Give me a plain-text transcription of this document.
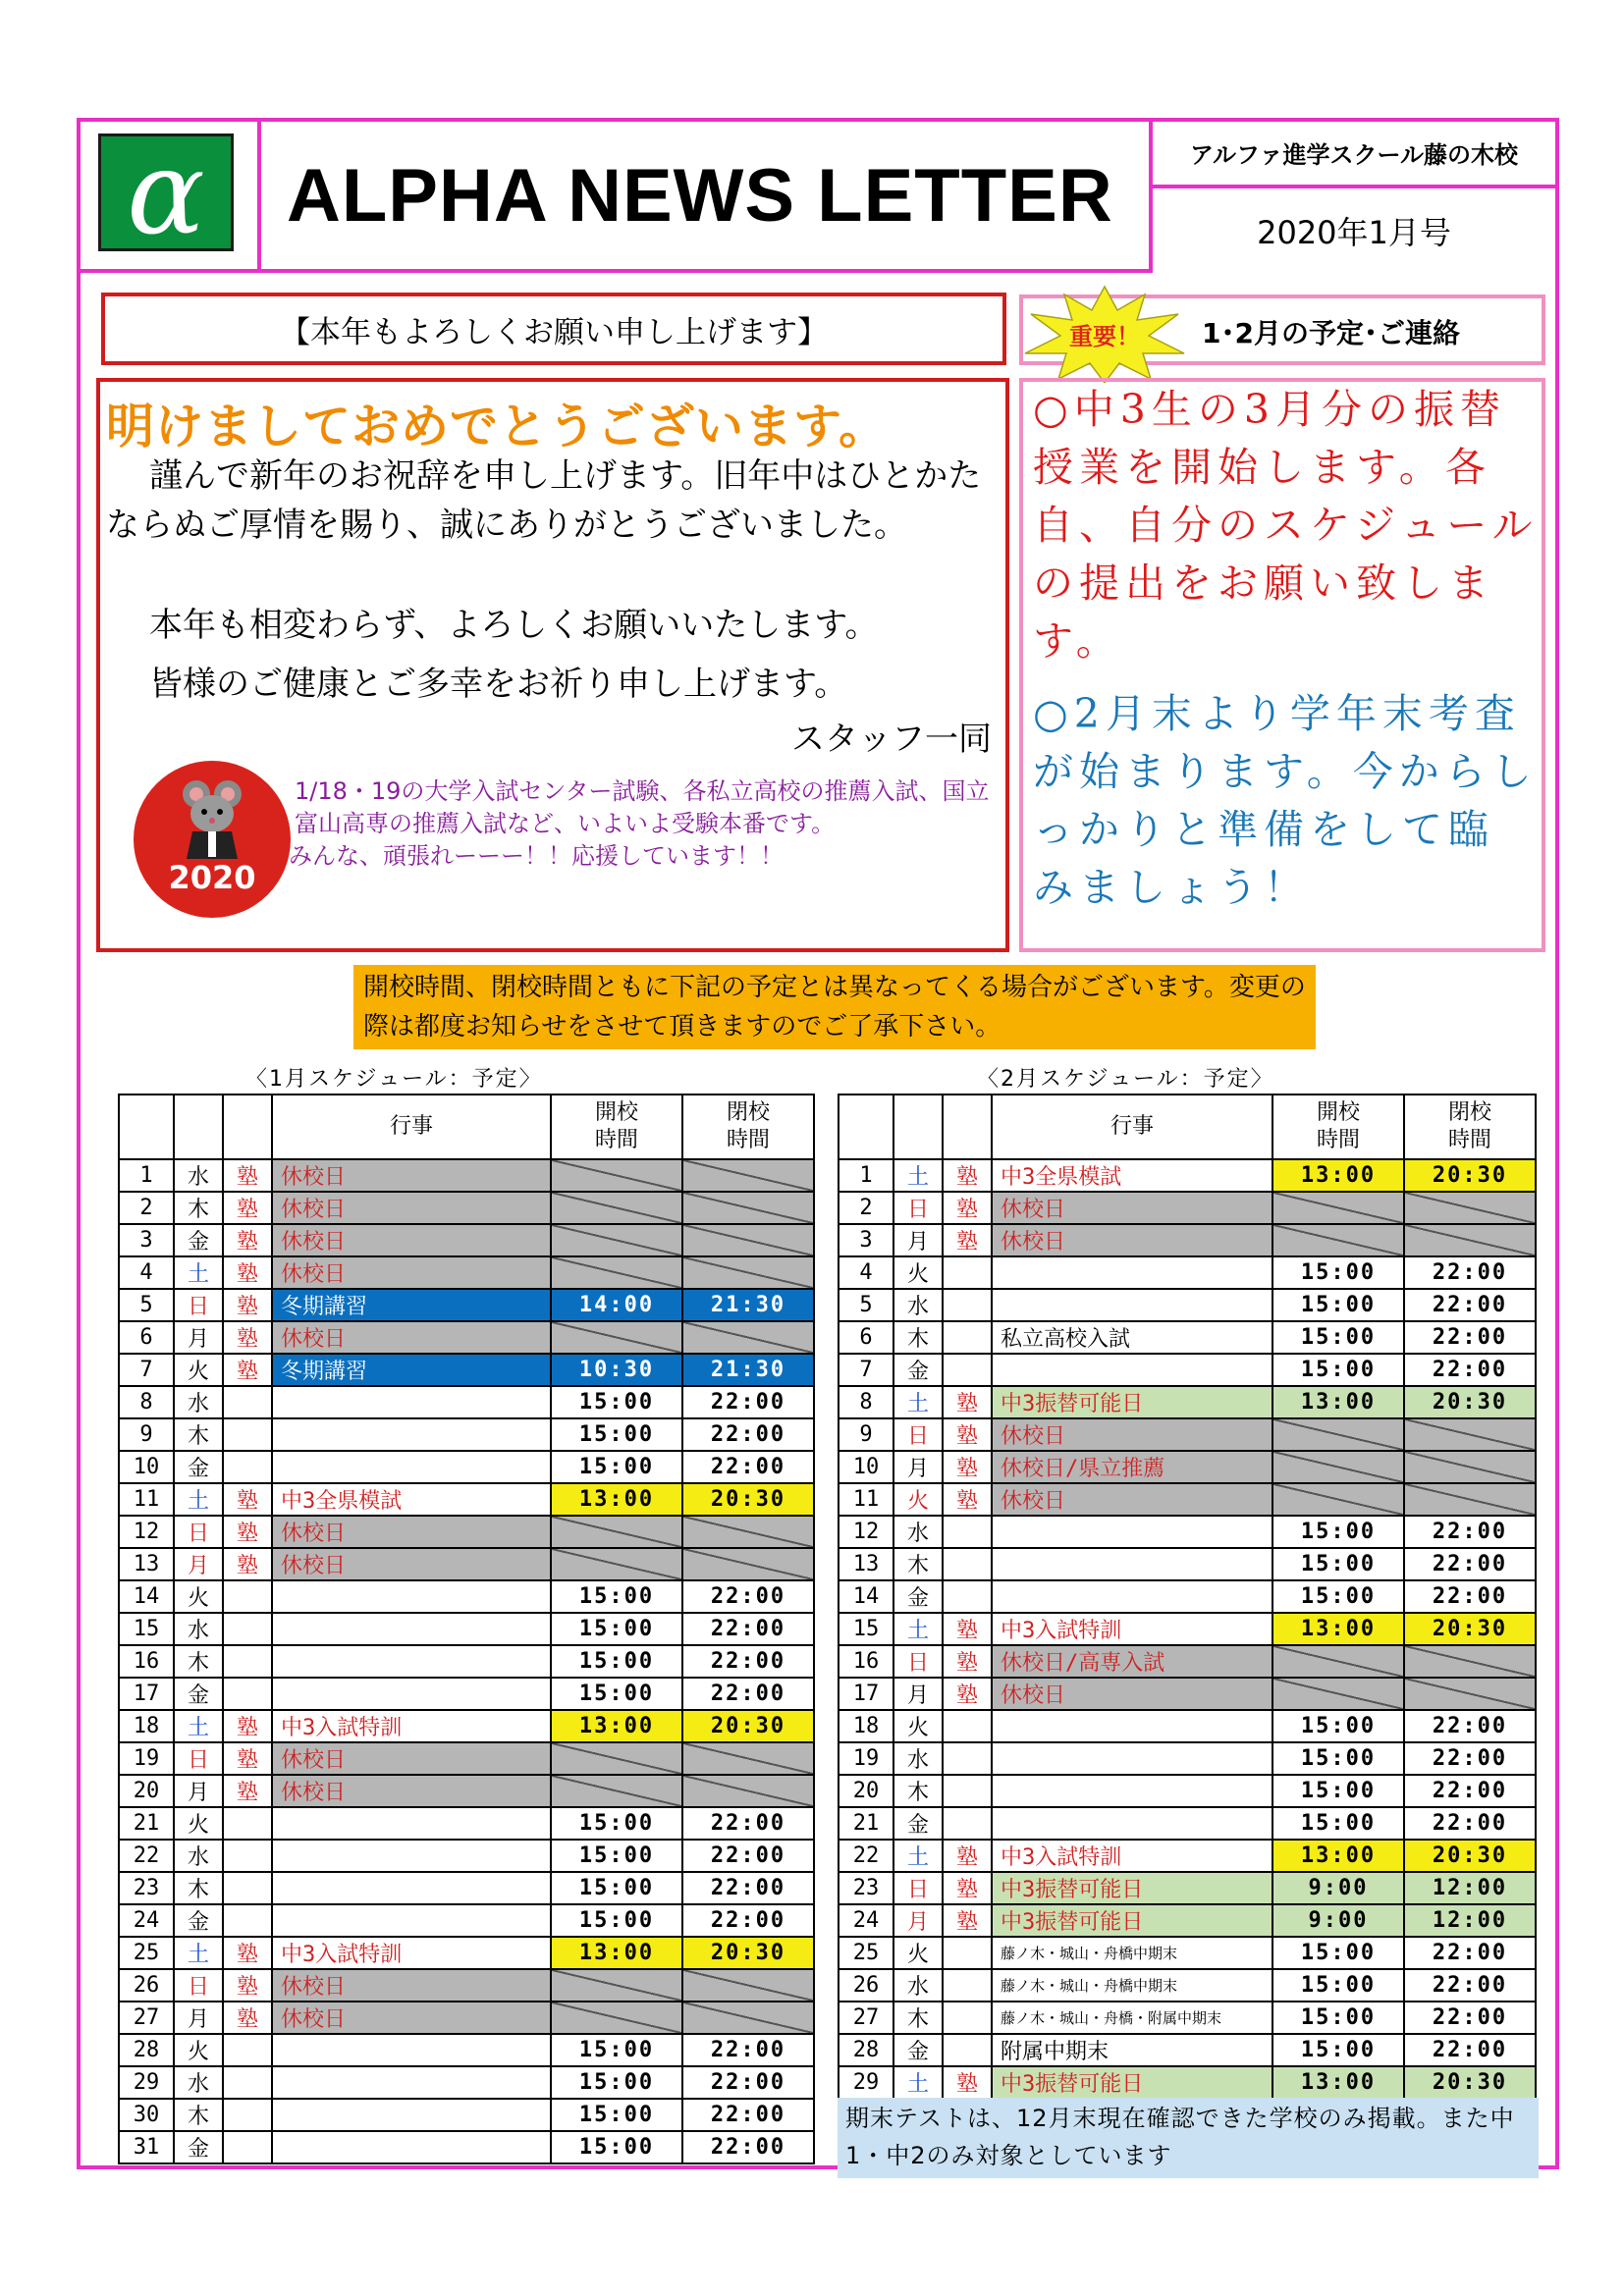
α	ALPHA NEWS LETTER	アルファ進学スクール藤の木校
2020年1月号
【本年もよろしくお願い申し上げます】
明けましておめでとうございます。
謹んで新年のお祝辞を申し上げます。旧年中はひとかたならぬご厚情を賜り、誠にありがとうございました。
本年も相変わらず、よろしくお願いいたします。
皆様のご健康とご多幸をお祈り申し上げます。
スタッフ一同
2020
1/18・19の大学入試センター試験、各私立高校の推薦入試、国立富山高専の推薦入試など、いよいよ受験本番です。
みんな、頑張れーーー！！応援しています！！
重要！ 1･2月の予定･ご連絡
○中3生の3月分の振替授業を開始します。各自、自分のスケジュールの提出をお願い致します。
○2月末より学年末考査が始まります。今からしっかりと準備をして臨みましょう！
開校時間、閉校時間ともに下記の予定とは異なってくる場合がございます。変更の際は都度お知らせをさせて頂きますのでご了承下さい。
〈1月スケジュール：予定〉	〈2月スケジュール：予定〉
			行事	開校時間	閉校時間

1	水	塾	休校日		
2	木	塾	休校日		
3	金	塾	休校日		
4	土	塾	休校日		
5	日	塾	冬期講習	14:00	21:30
6	月	塾	休校日		
7	火	塾	冬期講習	10:30	21:30
8	水			15:00	22:00
9	木			15:00	22:00
10	金			15:00	22:00
11	土	塾	中3全県模試	13:00	20:30
12	日	塾	休校日		
13	月	塾	休校日		
14	火			15:00	22:00
15	水			15:00	22:00
16	木			15:00	22:00
17	金			15:00	22:00
18	土	塾	中3入試特訓	13:00	20:30
19	日	塾	休校日		
20	月	塾	休校日		
21	火			15:00	22:00
22	水			15:00	22:00
23	木			15:00	22:00
24	金			15:00	22:00
25	土	塾	中3入試特訓	13:00	20:30
26	日	塾	休校日		
27	月	塾	休校日		
28	火			15:00	22:00
29	水			15:00	22:00
30	木			15:00	22:00
31	金			15:00	22:00
			行事	開校時間	閉校時間

1	土	塾	中3全県模試	13:00	20:30
2	日	塾	休校日		
3	月	塾	休校日		
4	火			15:00	22:00
5	水			15:00	22:00
6	木		私立高校入試	15:00	22:00
7	金			15:00	22:00
8	土	塾	中3振替可能日	13:00	20:30
9	日	塾	休校日		
10	月	塾	休校日/県立推薦		
11	火	塾	休校日		
12	水			15:00	22:00
13	木			15:00	22:00
14	金			15:00	22:00
15	土	塾	中3入試特訓	13:00	20:30
16	日	塾	休校日/高専入試		
17	月	塾	休校日		
18	火			15:00	22:00
19	水			15:00	22:00
20	木			15:00	22:00
21	金			15:00	22:00
22	土	塾	中3入試特訓	13:00	20:30
23	日	塾	中3振替可能日	9:00	12:00
24	月	塾	中3振替可能日	9:00	12:00
25	火		藤ノ木・城山・舟橋中期末	15:00	22:00
26	水		藤ノ木・城山・舟橋中期末	15:00	22:00
27	木		藤ノ木・城山・舟橋・附属中期末	15:00	22:00
28	金		附属中期末	15:00	22:00
29	土	塾	中3振替可能日	13:00	20:30
期末テストは、12月末現在確認できた学校のみ掲載。また中1・中2のみ対象としています
